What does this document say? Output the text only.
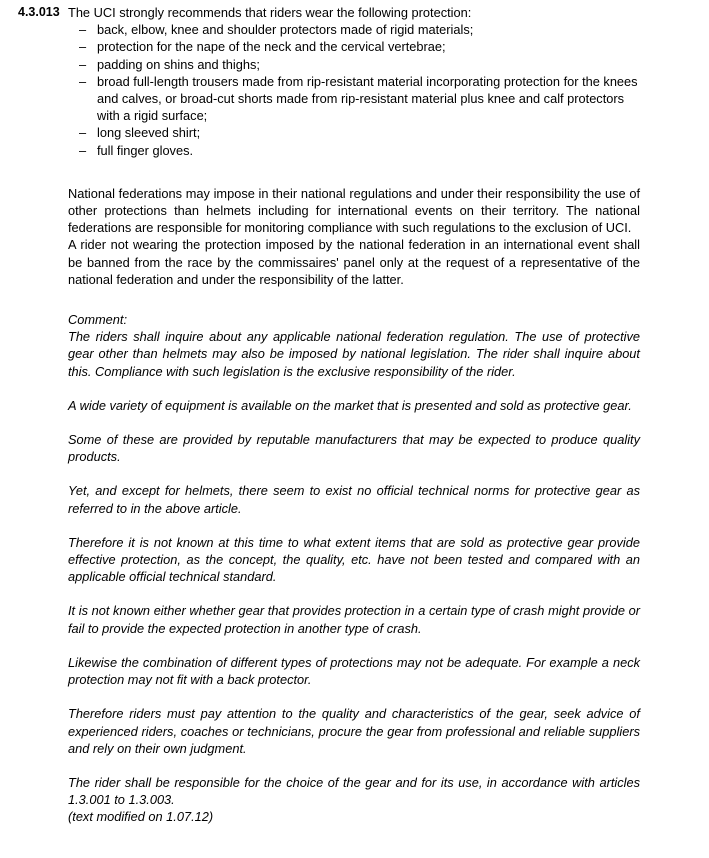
4.3.013 The UCI strongly recommends that riders wear the following protection:

– back, elbow, knee and shoulder protectors made of rigid materials;
– protection for the nape of the neck and the cervical vertebrae;
– padding on shins and thighs;
– broad full-length trousers made from rip-resistant material incorporating protection for the knees and calves, or broad-cut shorts made from rip-resistant material plus knee and calf protectors with a rigid surface;
– long sleeved shirt;
– full finger gloves.

National federations may impose in their national regulations and under their responsibility the use of other protections than helmets including for international events on their territory. The national federations are responsible for monitoring compliance with such regulations to the exclusion of UCI.

A rider not wearing the protection imposed by the national federation in an international event shall be banned from the race by the commissaires' panel only at the request of a representative of the national federation and under the responsibility of the latter.

Comment:

The riders shall inquire about any applicable national federation regulation. The use of protective gear other than helmets may also be imposed by national legislation. The rider shall inquire about this. Compliance with such legislation is the exclusive responsibility of the rider.

A wide variety of equipment is available on the market that is presented and sold as protective gear.

Some of these are provided by reputable manufacturers that may be expected to produce quality products.

Yet, and except for helmets, there seem to exist no official technical norms for protective gear as referred to in the above article.

Therefore it is not known at this time to what extent items that are sold as protective gear provide effective protection, as the concept, the quality, etc. have not been tested and compared with an applicable official technical standard.

It is not known either whether gear that provides protection in a certain type of crash might provide or fail to provide the expected protection in another type of crash.

Likewise the combination of different types of protections may not be adequate. For example a neck protection may not fit with a back protector.

Therefore riders must pay attention to the quality and characteristics of the gear, seek advice of experienced riders, coaches or technicians, procure the gear from professional and reliable suppliers and rely on their own judgment.

The rider shall be responsible for the choice of the gear and for its use, in accordance with articles 1.3.001 to 1.3.003.

(text modified on 1.07.12)
